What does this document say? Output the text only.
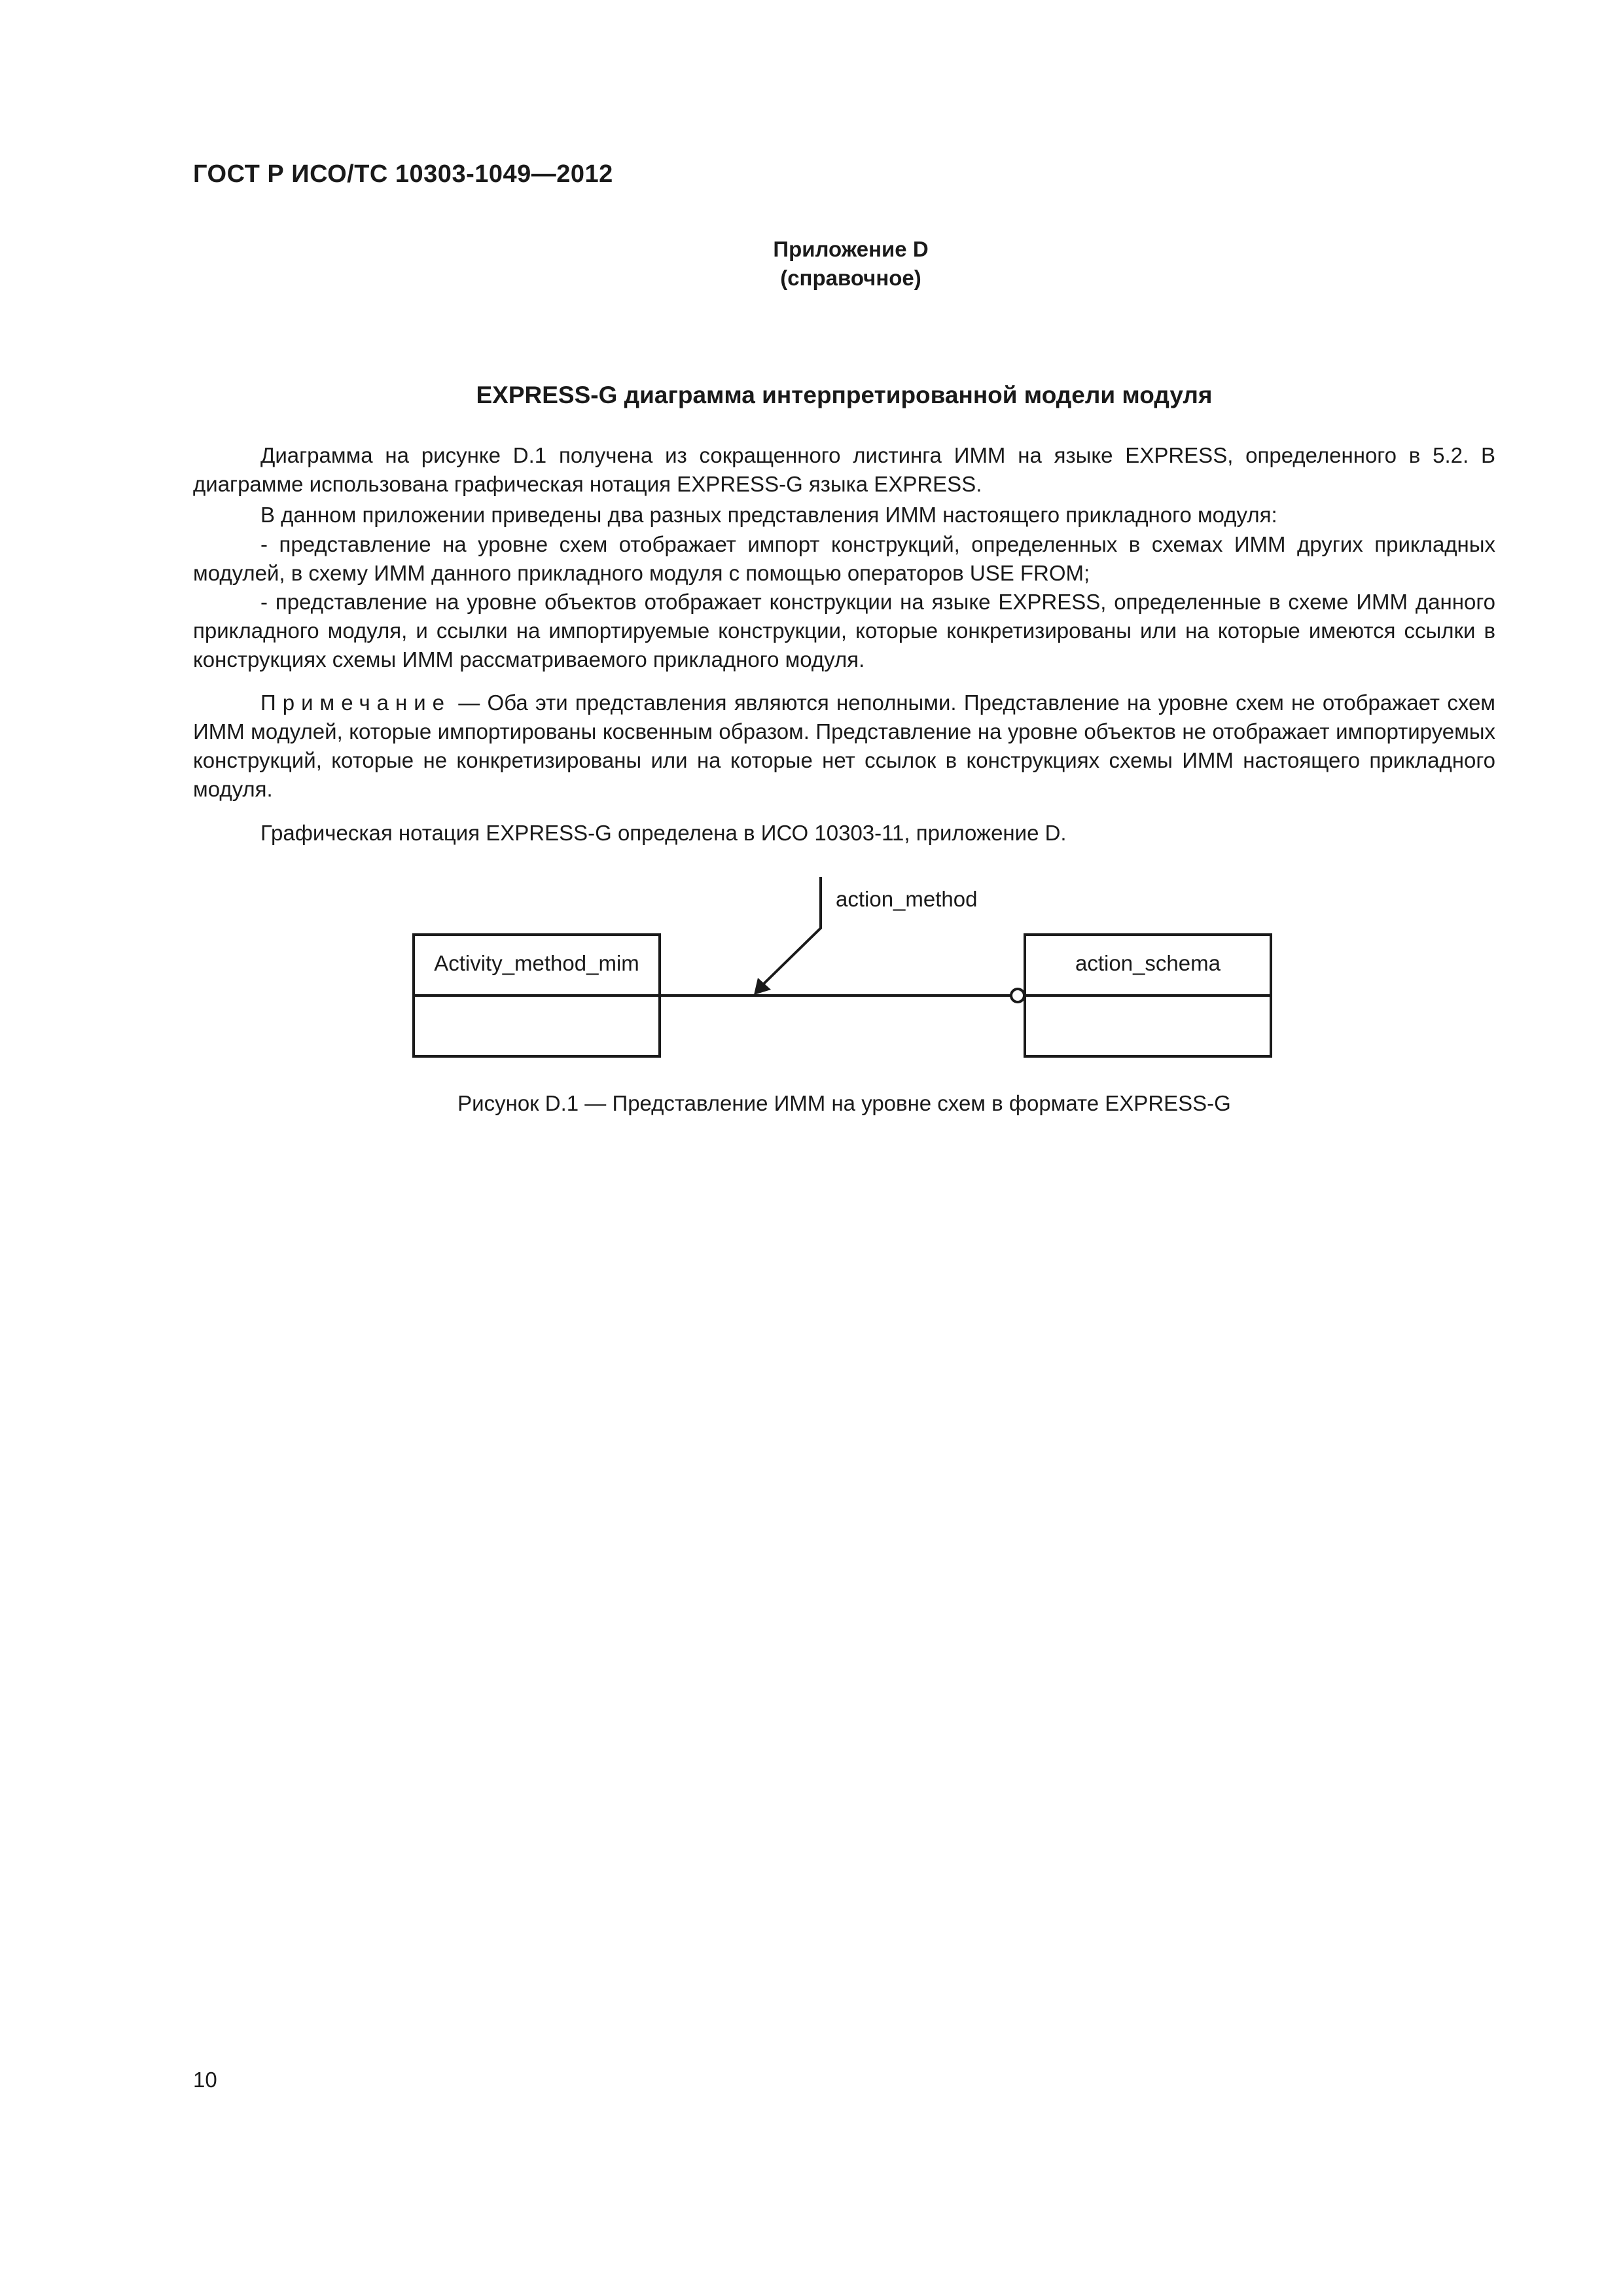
ГОСТ Р ИСО/ТС 10303-1049—2012
Приложение D
(справочное)
EXPRESS-G диаграмма интерпретированной модели модуля

Диаграмма на рисунке D.1 получена из сокращенного листинга ИММ на языке EXPRESS, определенного в 5.2. В диаграмме использована графическая нотация EXPRESS-G языка EXPRESS.

В данном приложении приведены два разных представления ИММ настоящего прикладного модуля:

- представление на уровне схем отображает импорт конструкций, определенных в схемах ИММ других прикладных модулей, в схему ИММ данного прикладного модуля с помощью операторов USE FROM;

- представление на уровне объектов отображает конструкции на языке EXPRESS, определенные в схеме ИММ данного прикладного модуля, и ссылки на импортируемые конструкции, которые конкретизированы или на которые имеются ссылки в конструкциях схемы ИММ рассматриваемого прикладного модуля.

Примечание — Оба эти представления являются неполными. Представление на уровне схем не отображает схем ИММ модулей, которые импортированы косвенным образом. Представление на уровне объектов не отображает импортируемых конструкций, которые не конкретизированы или на которые нет ссылок в конструкциях схемы ИММ настоящего прикладного модуля.

Графическая нотация EXPRESS-G определена в ИСО 10303-11, приложение D.

Activity_method_mim	action_schema
action_method
Рисунок D.1 — Представление ИММ на уровне схем в формате EXPRESS-G
10
